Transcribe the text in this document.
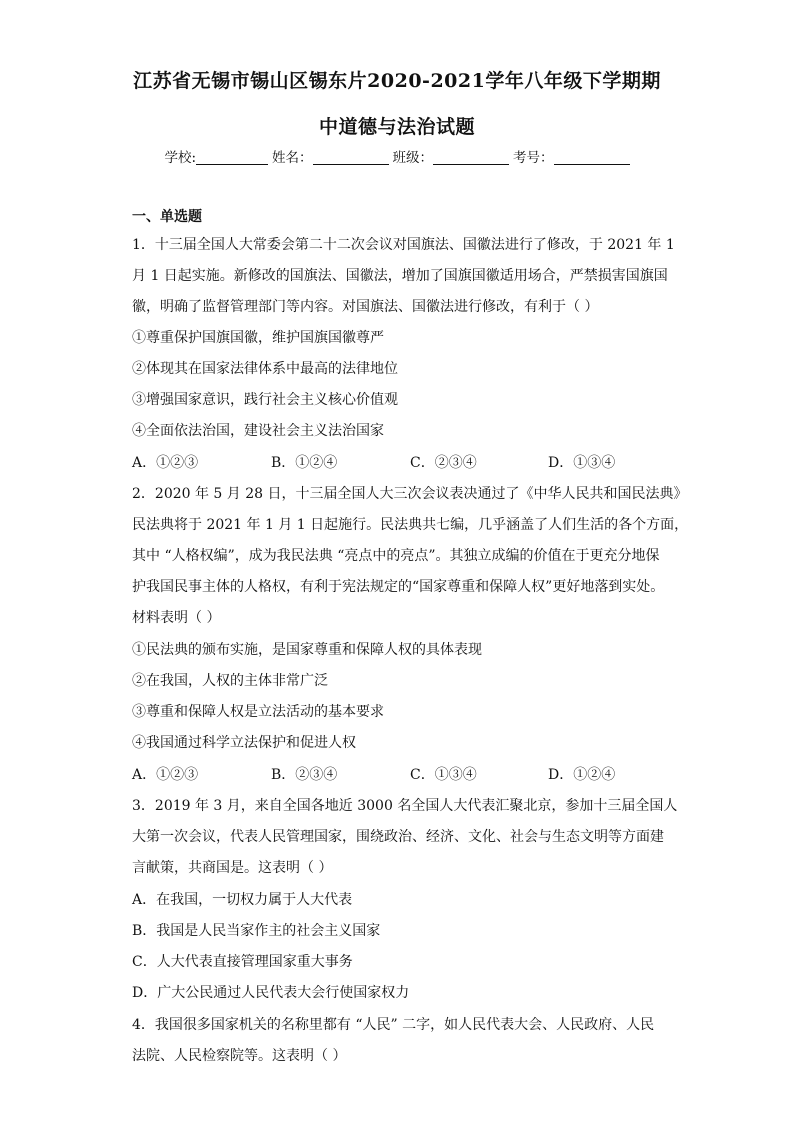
江苏省无锡市锡山区锡东片2020-2021学年八年级下学期期
中道德与法治试题
学校:	姓名：	班级：	考号：
一、单选题
1．十三届全国人大常委会第二十二次会议对国旗法、国徽法进行了修改，于 2021 年 1
月 1 日起实施。新修改的国旗法、国徽法，增加了国旗国徽适用场合，严禁损害国旗国
徽，明确了监督管理部门等内容。对国旗法、国徽法进行修改，有利于（ ）
①尊重保护国旗国徽，维护国旗国徽尊严
②体现其在国家法律体系中最高的法律地位
③增强国家意识，践行社会主义核心价值观
④全面依法治国，建设社会主义法治国家
A．①②③	B．①②④	C．②③④	D．①③④
2．2020 年 5 月 28 日，十三届全国人大三次会议表决通过了《中华人民共和国民法典》
民法典将于 2021 年 1 月 1 日起施行。民法典共七编，几乎涵盖了人们生活的各个方面，
其中 “人格权编”，成为我民法典 “亮点中的亮点”。其独立成编的价值在于更充分地保
护我国民事主体的人格权，有利于宪法规定的“国家尊重和保障人权”更好地落到实处。
材料表明（ ）
①民法典的颁布实施，是国家尊重和保障人权的具体表现
②在我国，人权的主体非常广泛
③尊重和保障人权是立法活动的基本要求
④我国通过科学立法保护和促进人权
A．①②③	B．②③④	C．①③④	D．①②④
3．2019 年 3 月，来自全国各地近 3000 名全国人大代表汇聚北京，参加十三届全国人
大第一次会议，代表人民管理国家，围绕政治、经济、文化、社会与生态文明等方面建
言献策，共商国是。这表明（ ）
A．在我国，一切权力属于人大代表
B．我国是人民当家作主的社会主义国家
C．人大代表直接管理国家重大事务
D．广大公民通过人民代表大会行使国家权力
4．我国很多国家机关的名称里都有 “人民” 二字，如人民代表大会、人民政府、人民
法院、人民检察院等。这表明（ ）
